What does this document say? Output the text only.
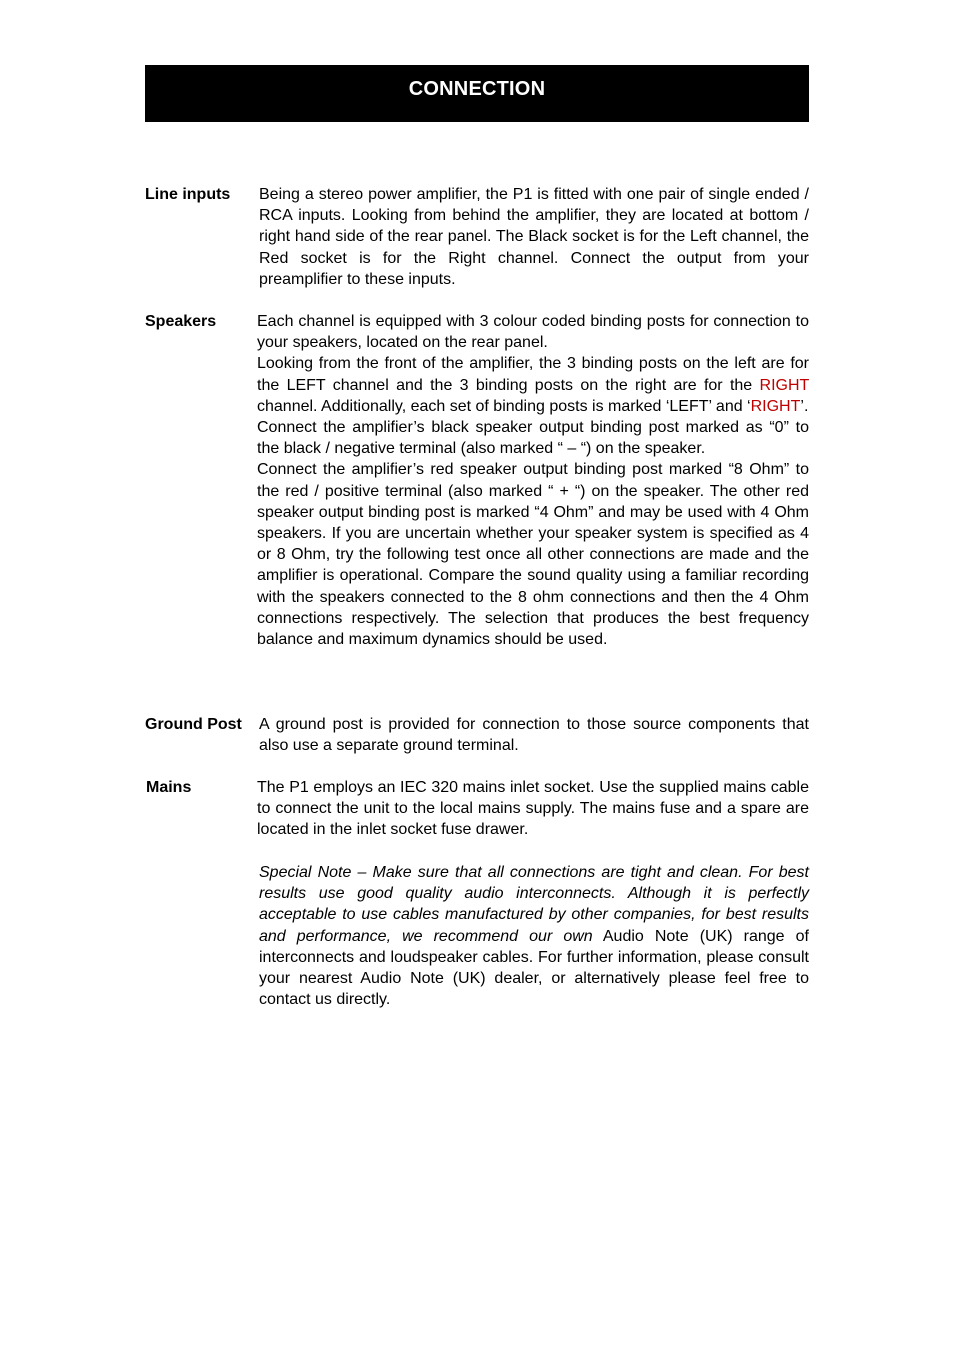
CONNECTION
Line inputs Being a stereo power amplifier, the P1 is fitted with one pair of single ended / RCA inputs. Looking from behind the amplifier, they are located at bottom / right hand side of the rear panel. The Black socket is for the Left channel, the Red socket is for the Right channel. Connect the output from your preamplifier to these inputs.

Speakers	Each channel is equipped with 3 colour coded binding posts for connection to your speakers, located on the rear panel.

Looking from the front of the amplifier, the 3 binding posts on the left are for the LEFT channel and the 3 binding posts on the right are for the RIGHT channel. Additionally, each set of binding posts is marked ‘LEFT’ and ‘RIGHT’.

Connect the amplifier’s black speaker output binding post marked as “0” to the black / negative terminal (also marked “ – “) on the speaker.

Connect the amplifier’s red speaker output binding post marked “8 Ohm” to the red / positive terminal (also marked “ + “) on the speaker. The other red speaker output binding post is marked “4 Ohm” and may be used with 4 Ohm speakers. If you are uncertain whether your speaker system is specified as 4 or 8 Ohm, try the following test once all other connections are made and the amplifier is operational. Compare the sound quality using a familiar recording with the speakers connected to the 8 ohm connections and then the 4 Ohm connections respectively. The selection that produces the best frequency balance and maximum dynamics should be used.

Ground Post A ground post is provided for connection to those source components that also use a separate ground terminal.

Mains	The P1 employs an IEC 320 mains inlet socket. Use the supplied mains cable to connect the unit to the local mains supply. The mains fuse and a spare are located in the inlet socket fuse drawer.

Special Note – Make sure that all connections are tight and clean. For best results use good quality audio interconnects. Although it is perfectly acceptable to use cables manufactured by other companies, for best results and performance, we recommend our own Audio Note (UK) range of interconnects and loudspeaker cables. For further information, please consult your nearest Audio Note (UK) dealer, or alternatively please feel free to contact us directly.
